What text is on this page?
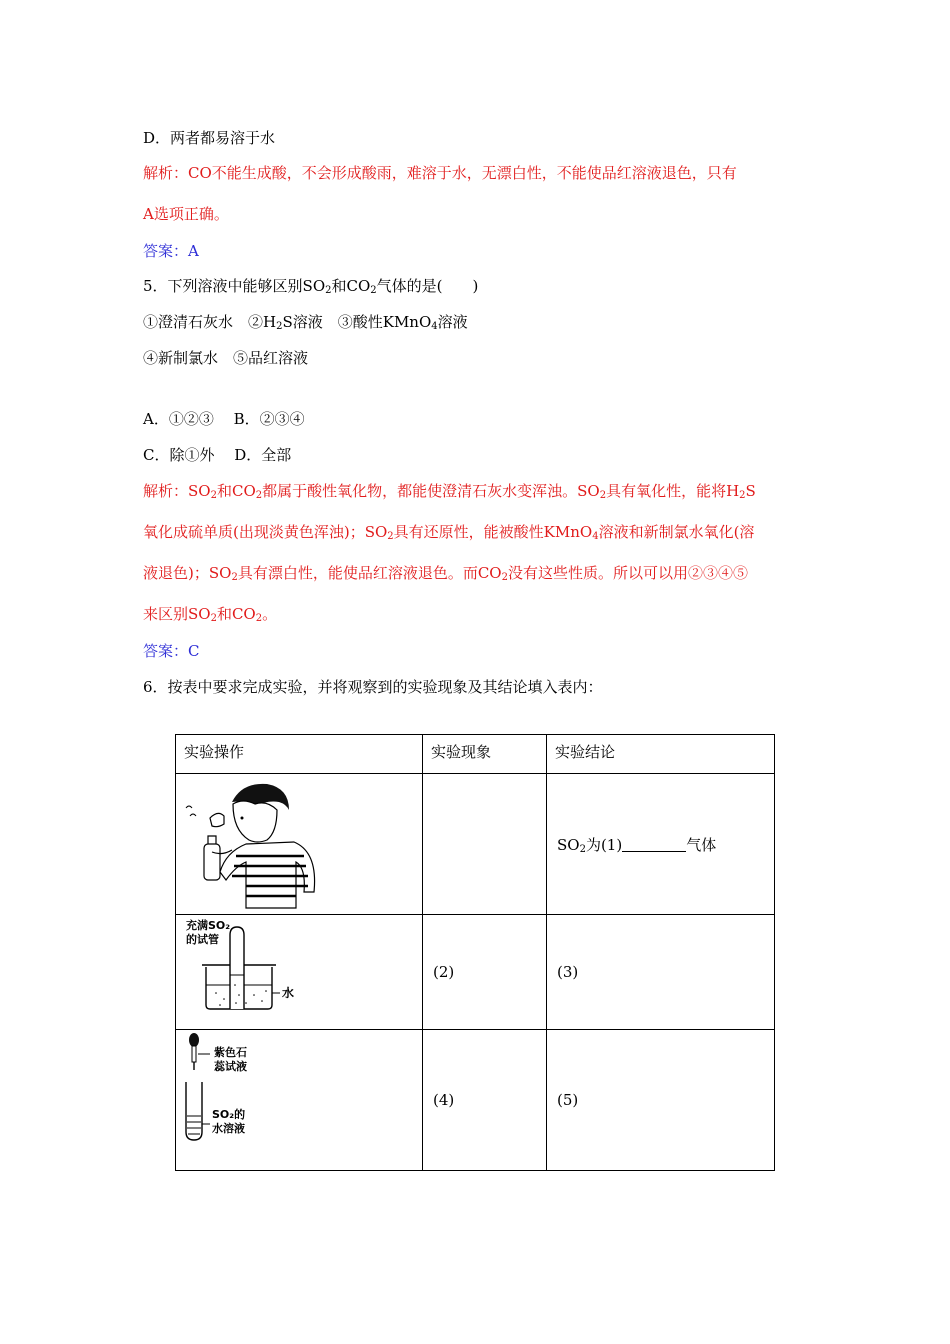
D．两者都易溶于水
解析：CO不能生成酸，不会形成酸雨，难溶于水，无漂白性，不能使品红溶液退色，只有
A选项正确。
答案：A
5．下列溶液中能够区别$SO_2$和$CO_2$气体的是(　　)
①澄清石灰水　$②H_2S$溶液　③酸性KMnO$_4$溶液
④新制氯水　⑤品红溶液
A．①②③　 B．②③④
C．除①外　 D．全部
解析：$SO_2$和$CO_2$都属于酸性氧化物，都能使澄清石灰水变浑浊。$SO_2$具有氧化性，能将$H_2S$
氧化成硫单质(出现淡黄色浑浊)；$SO_2$具有还原性，能被酸性KMnO$_4$溶液和新制氯水氧化(溶
液退色)；$SO_2$具有漂白性，能使品红溶液退色。而$CO_2$没有这些性质。所以可以用②③④⑤
来区别$SO_2$和$CO_2$。
答案：C
6．按表中要求完成实验，并将观察到的实验现象及其结论填入表内：
实验操作	实验现象	实验结论

		$SO_2$为(1) 气体

充满SO₂
的试管
水	(2)	(3)

紫色石
蕊试液
SO₂的
水溶液	(4)	(5)
